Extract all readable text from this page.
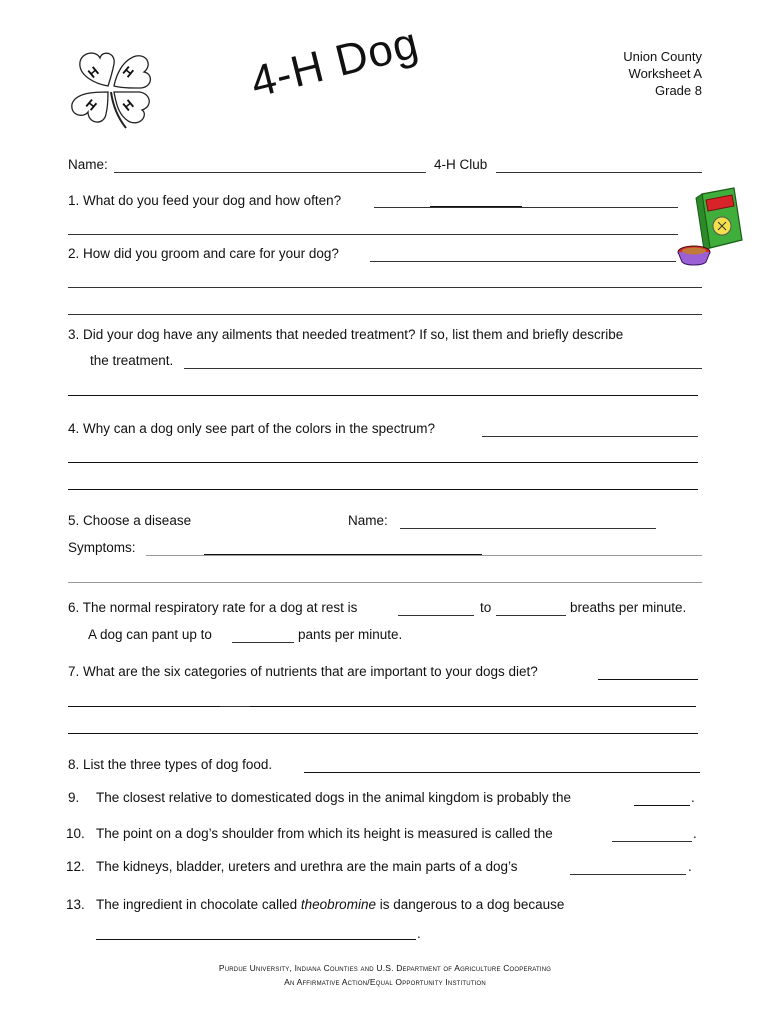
H H
H H 4-H Dog	Union County
Worksheet A
Grade 8
Name:	4-H Club
1. What do you feed your dog and how often?
2. How did you groom and care for your dog?
3. Did your dog have any ailments that needed treatment? If so, list them and briefly describe
the treatment.
4. Why can a dog only see part of the colors in the spectrum?
5. Choose a disease	Name:
Symptoms:
6. The normal respiratory rate for a dog at rest is	to	breaths per minute.
A dog can pant up to	pants per minute.
7. What are the six categories of nutrients that are important to your dogs diet?
8. List the three types of dog food.
9. The closest relative to domesticated dogs in the animal kingdom is probably the	.
10. The point on a dog’s shoulder from which its height is measured is called the	.
12. The kidneys, bladder, ureters and urethra are the main parts of a dog’s	.
13. The ingredient in chocolate called theobromine is dangerous to a dog because
.
Purdue University, Indiana Counties and U.S. Department of Agriculture Cooperating
An Affirmative Action/Equal Opportunity Institution
